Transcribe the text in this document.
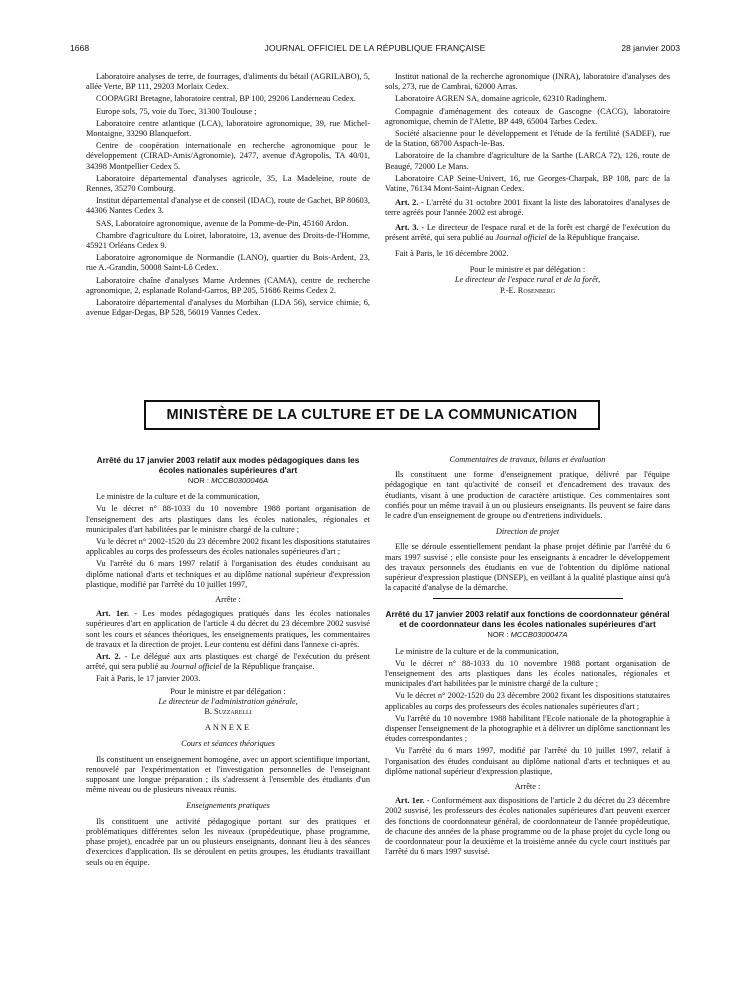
1668	JOURNAL OFFICIEL DE LA RÉPUBLIQUE FRANÇAISE	28 janvier 2003

Laboratoire analyses de terre, de fourrages, d'aliments du bétail (AGRILABO), 5, allée Verte, BP 111, 29203 Morlaix Cedex.

COOPAGRI Bretagne, laboratoire central, BP 100, 29206 Landerneau Cedex.

Europe sols, 75, voie du Toec, 31300 Toulouse ;

Laboratoire centre atlantique (LCA), laboratoire agronomique, 39, rue Michel-Montaigne, 33290 Blanquefort.

Centre de coopération internationale en recherche agronomique pour le développement (CIRAD-Amis/Agronomie), 2477, avenue d'Agropolis, TA 40/01, 34398 Montpellier Cedex 5.

Laboratoire départemental d'analyses agricole, 35, La Madeleine, route de Rennes, 35270 Combourg.

Institut départemental d'analyse et de conseil (IDAC), route de Gachet, BP 80603, 44306 Nantes Cedex 3.

SAS, Laboratoire agronomique, avenue de la Pomme-de-Pin, 45160 Ardon.

Chambre d'agriculture du Loiret, laboratoire, 13, avenue des Droits-de-l'Homme, 45921 Orléans Cedex 9.

Laboratoire agronomique de Normandie (LANO), quartier du Bois-Ardent, 23, rue A.-Grandin, 50008 Saint-Lô Cedex.

Laboratoire chaîne d'analyses Marne Ardennes (CAMA), centre de recherche agronomique, 2, esplanade Roland-Garros, BP 205, 51686 Reims Cedex 2.

Laboratoire départemental d'analyses du Morbihan (LDA 56), service chimie, 6, avenue Edgar-Degas, BP 528, 56019 Vannes Cedex.

Institut national de la recherche agronomique (INRA), laboratoire d'analyses des sols, 273, rue de Cambrai, 62000 Arras.

Laboratoire AGREN SA, domaine agricole, 62310 Radinghem.

Compagnie d'aménagement des coteaux de Gascogne (CACG), laboratoire agronomique, chemin de l'Alette, BP 449, 65004 Tarbes Cedex.

Société alsacienne pour le développement et l'étude de la fertilité (SADEF), rue de la Station, 68700 Aspach-le-Bas.

Laboratoire de la chambre d'agriculture de la Sarthe (LARCA 72), 126, route de Beaugé, 72000 Le Mans.

Laboratoire CAP Seine-Univert, 16, rue Georges-Charpak, BP 108, parc de la Vatine, 76134 Mont-Saint-Aignan Cedex.

Art. 2. - L'arrêté du 31 octobre 2001 fixant la liste des laboratoires d'analyses de terre agréés pour l'année 2002 est abrogé.

Art. 3. - Le directeur de l'espace rural et de la forêt est chargé de l'exécution du présent arrêté, qui sera publié au Journal officiel de la République française.

Fait à Paris, le 16 décembre 2002.

Pour le ministre et par délégation :
Le directeur de l'espace rural et de la forêt,
P.-E. Rosenberg
MINISTÈRE DE LA CULTURE ET DE LA COMMUNICATION
Arrêté du 17 janvier 2003 relatif aux modes pédagogiques dans les écoles nationales supérieures d'art
NOR : MCCB0300046A

Le ministre de la culture et de la communication,

Vu le décret n° 88-1033 du 10 novembre 1988 portant organisation de l'enseignement des arts plastiques dans les écoles nationales, régionales et municipales d'art habilitées par le ministre chargé de la culture ;

Vu le décret n° 2002-1520 du 23 décembre 2002 fixant les dispositions statutaires applicables au corps des professeurs des écoles nationales supérieures d'art ;

Vu l'arrêté du 6 mars 1997 relatif à l'organisation des études conduisant au diplôme national d'arts et techniques et au diplôme national supérieur d'expression plastique, modifié par l'arrêté du 10 juillet 1997,

Arrête :

Art. 1er. - Les modes pédagogiques pratiqués dans les écoles nationales supérieures d'art en application de l'article 4 du décret du 23 décembre 2002 susvisé sont les cours et séances théoriques, les enseignements pratiques, les commentaires de travaux et la direction de projet. Leur contenu est défini dans l'annexe ci-après.

Art. 2. - Le délégué aux arts plastiques est chargé de l'exécution du présent arrêté, qui sera publié au Journal officiel de la République française.

Fait à Paris, le 17 janvier 2003.

Pour le ministre et par délégation :
Le directeur de l'administration générale,
B. Suzzarelli
ANNEXE
Cours et séances théoriques

Ils constituent un enseignement homogène, avec un apport scientifique important, renouvelé par l'expérimentation et l'investigation personnelles de l'enseignant supposant une longue préparation ; ils s'adressent à l'ensemble des étudiants d'un même niveau ou de plusieurs niveaux réunis.

Enseignements pratiques

Ils constituent une activité pédagogique portant sur des pratiques et problématiques différentes selon les niveaux (propédeutique, phase programme, phase projet), encadrée par un ou plusieurs enseignants, donnant lieu à des séances d'exercices d'application. Ils se déroulent en petits groupes, les étudiants travaillant seuls ou en équipe.

Commentaires de travaux, bilans et évaluation

Ils constituent une forme d'enseignement pratique, délivré par l'équipe pédagogique en tant qu'activité de conseil et d'encadrement des travaux des étudiants, visant à une production de caractère artistique. Ces commentaires sont confiés pour un même travail à un ou plusieurs enseignants. Ils peuvent se faire dans le cadre d'un enseignement de groupe ou d'entretiens individuels.

Direction de projet

Elle se déroule essentiellement pendant la phase projet définie par l'arrêté du 6 mars 1997 susvisé ; elle consiste pour les enseignants à encadrer le développement des travaux personnels des étudiants en vue de l'obtention du diplôme national supérieur d'expression plastique (DNSEP), en veillant à la qualité plastique ainsi qu'à la capacité d'analyse de la démarche.

Arrêté du 17 janvier 2003 relatif aux fonctions de coordonnateur général et de coordonnateur dans les écoles nationales supérieures d'art
NOR : MCCB0300047A

Le ministre de la culture et de la communication,

Vu le décret n° 88-1033 du 10 novembre 1988 portant organisation de l'enseignement des arts plastiques dans les écoles nationales, régionales et municipales d'art habilitées par le ministre chargé de la culture ;

Vu le décret n° 2002-1520 du 23 décembre 2002 fixant les dispositions statutaires applicables au corps des professeurs des écoles nationales supérieures d'art ;

Vu l'arrêté du 10 novembre 1988 habilitant l'Ecole nationale de la photographie à dispenser l'enseignement de la photographie et à délivrer un diplôme sanctionnant les études correspondantes ;

Vu l'arrêté du 6 mars 1997, modifié par l'arrêté du 10 juillet 1997, relatif à l'organisation des études conduisant au diplôme national d'arts et techniques et au diplôme national supérieur d'expression plastique,

Arrête :

Art. 1er. - Conformément aux dispositions de l'article 2 du décret du 23 décembre 2002 susvisé, les professeurs des écoles nationales supérieures d'art peuvent exercer des fonctions de coordonnateur général, de coordonnateur de l'année propédeutique, de chacune des années de la phase programme ou de la phase projet du cycle long ou de coordonnateur pour la deuxième et la troisième année du cycle court institués par l'arrêté du 6 mars 1997 susvisé.
